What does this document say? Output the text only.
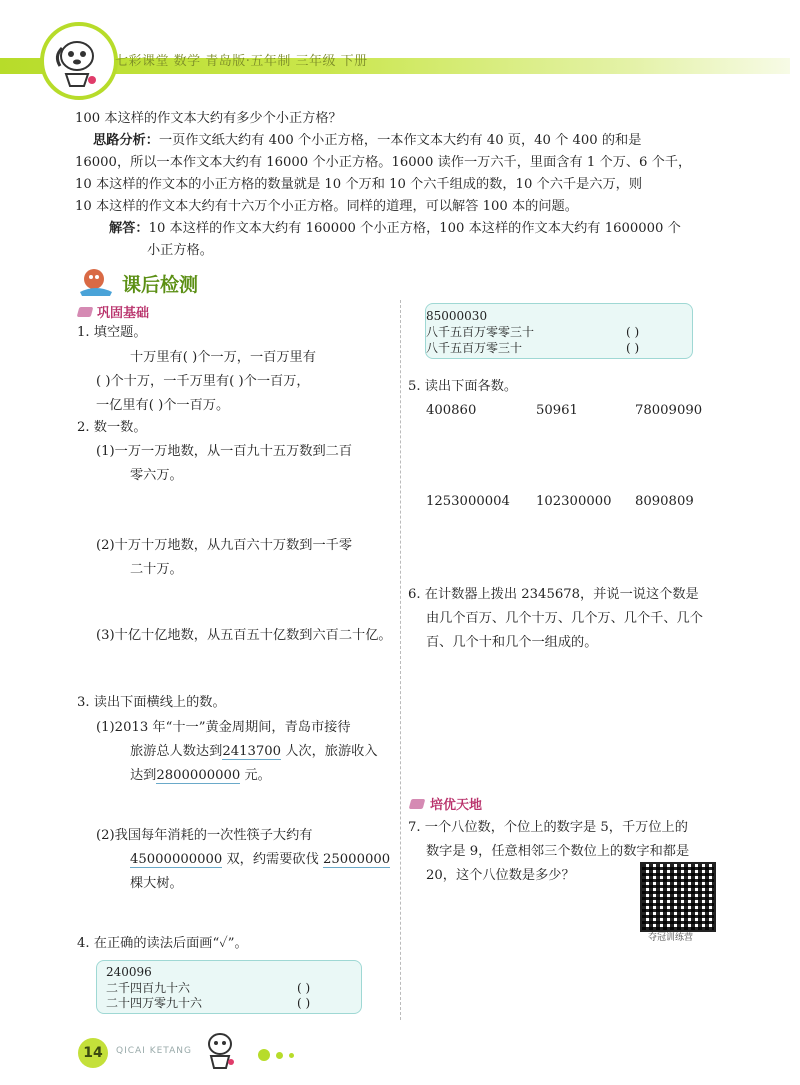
七彩课堂 数学 青岛版·五年制 三年级 下册
100 本这样的作文本大约有多少个小正方格？
思路分析：一页作文纸大约有 400 个小正方格，一本作文本大约有 40 页，40 个 400 的和是
16000，所以一本作文本大约有 16000 个小正方格。16000 读作一万六千，里面含有 1 个万、6 个千，
10 本这样的作文本的小正方格的数量就是 10 个万和 10 个六千组成的数，10 个六千是六万，则
10 本这样的作文本大约有十六万个小正方格。同样的道理，可以解答 100 本的问题。
解答：10 本这样的作文本大约有 160000 个小正方格，100 本这样的作文本大约有 1600000 个
小正方格。
课后检测
巩固基础
1. 填空题。
十万里有( )个一万，一百万里有
( )个十万，一千万里有( )个一百万，
一亿里有( )个一百万。
2. 数一数。
(1)一万一万地数，从一百九十五万数到二百
零六万。
(2)十万十万地数，从九百六十万数到一千零
二十万。
(3)十亿十亿地数，从五百五十亿数到六百二十亿。
3. 读出下面横线上的数。
(1)2013 年“十一”黄金周期间，青岛市接待
旅游总人数达到2413700 人次，旅游收入
达到2800000000 元。
(2)我国每年消耗的一次性筷子大约有
45000000000 双，约需要砍伐 25000000
棵大树。
4. 在正确的读法后面画“✓”。
240096
二千四百九十六	( )
二十四万零九十六	( )
85000030
八千五百万零零三十	( )
八千五百万零三十	( )
5. 读出下面各数。
400860	50961	78009090
1253000004 102300000 8090809
6. 在计数器上拨出 2345678，并说一说这个数是
由几个百万、几个十万、几个万、几个千、几个
百、几个十和几个一组成的。
培优天地
7. 一个八位数，个位上的数字是 5，千万位上的
数字是 9，任意相邻三个数位上的数字和都是
20，这个八位数是多少？
夺冠训练营
14	QICAI KETANG
